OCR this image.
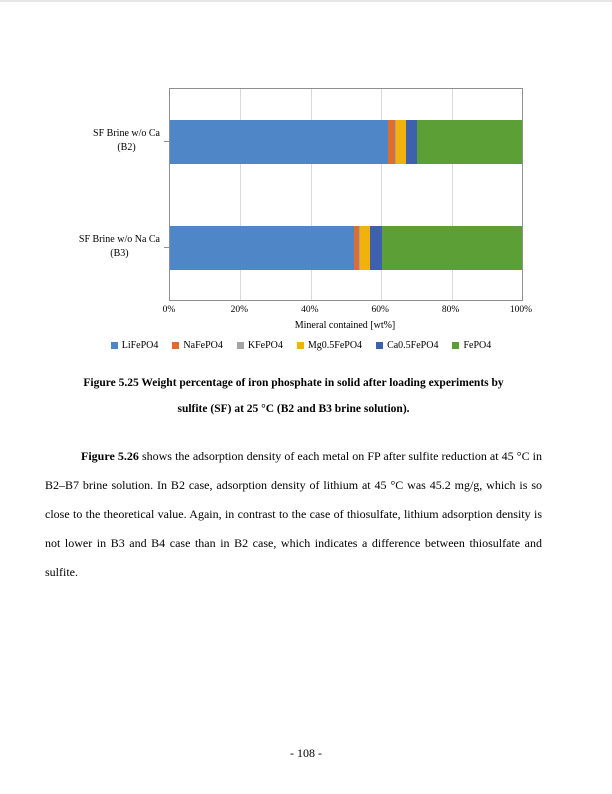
SF Brine w/o Ca
(B2)
SF Brine w/o Na Ca
(B3)
0%	20%	40%	60%	80%	100%
Mineral contained [wt%]
LiFePO4	NaFePO4	KFePO4	Mg0.5FePO4	Ca0.5FePO4	FePO4
Figure 5.25 Weight percentage of iron phosphate in solid after loading experiments by
sulfite (SF) at 25 °C (B2 and B3 brine solution).

Figure 5.26 shows the adsorption density of each metal on FP after sulfite reduction at 45 °C in B2–B7 brine solution. In B2 case, adsorption density of lithium at 45 °C was 45.2 mg/g, which is so close to the theoretical value. Again, in contrast to the case of thiosulfate, lithium adsorption density is not lower in B3 and B4 case than in B2 case, which indicates a difference between thiosulfate and sulfite.

- 108 -
